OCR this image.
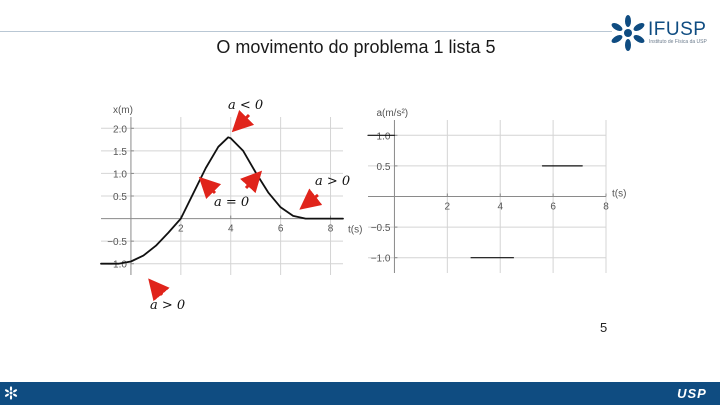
O movimento do problema 1 lista 5
IFUSP
Instituto de Física da USP
2	4	6	8
2.0
1.5
1.0
0.5
−0.5
−1.0
x(m)
t(s)
2	4	6	8
1.0
0.5
−0.5
−1.0
a(m/s²)
t(s)
a < 0
a = 0
a > 0
a > 0
5
USP
